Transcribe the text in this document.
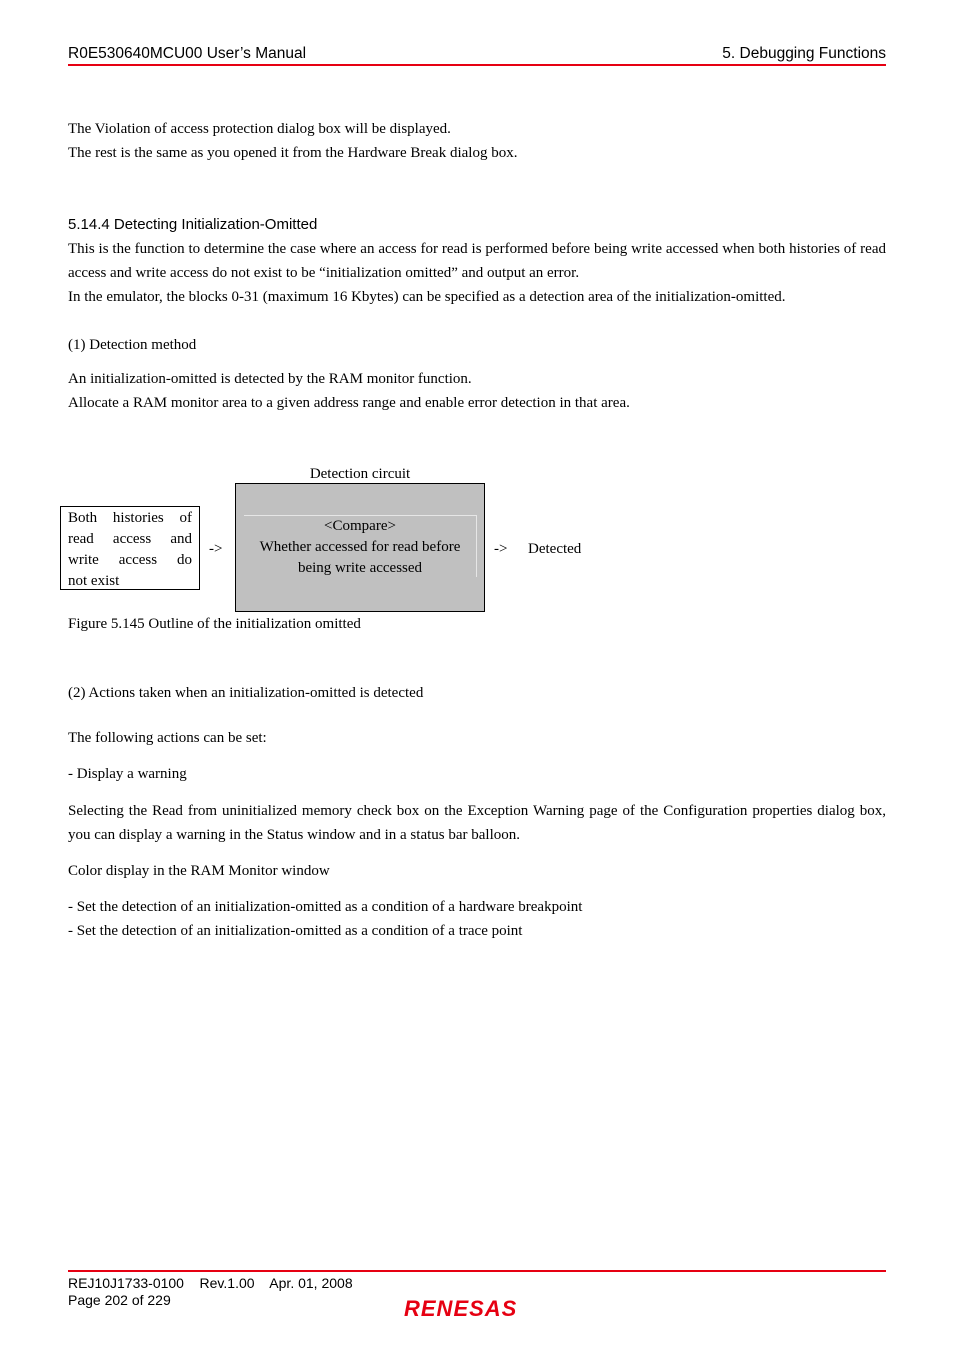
R0E530640MCU00 User’s Manual	5. Debugging Functions
The Violation of access protection dialog box will be displayed.
The rest is the same as you opened it from the Hardware Break dialog box.
5.14.4 Detecting Initialization-Omitted
This is the function to determine the case where an access for read is performed before being write accessed when both histories of read access and write access do not exist to be “initialization omitted” and output an error.
In the emulator, the blocks 0-31 (maximum 16 Kbytes) can be specified as a detection area of the initialization-omitted.
(1) Detection method
An initialization-omitted is detected by the RAM monitor function.
Allocate a RAM monitor area to a given address range and enable error detection in that area.
Detection circuit
Both histories of read access and write access do
not exist
->
<Compare>
Whether accessed for read before
being write accessed
-> Detected
Figure 5.145 Outline of the initialization omitted
(2) Actions taken when an initialization-omitted is detected
The following actions can be set:
- Display a warning
Selecting the Read from uninitialized memory check box on the Exception Warning page of the Configuration properties dialog box, you can display a warning in the Status window and in a status bar balloon.
Color display in the RAM Monitor window
- Set the detection of an initialization-omitted as a condition of a hardware breakpoint
- Set the detection of an initialization-omitted as a condition of a trace point
REJ10J1733-0100    Rev.1.00    Apr. 01, 2008
Page 202 of 229	RENESAS
